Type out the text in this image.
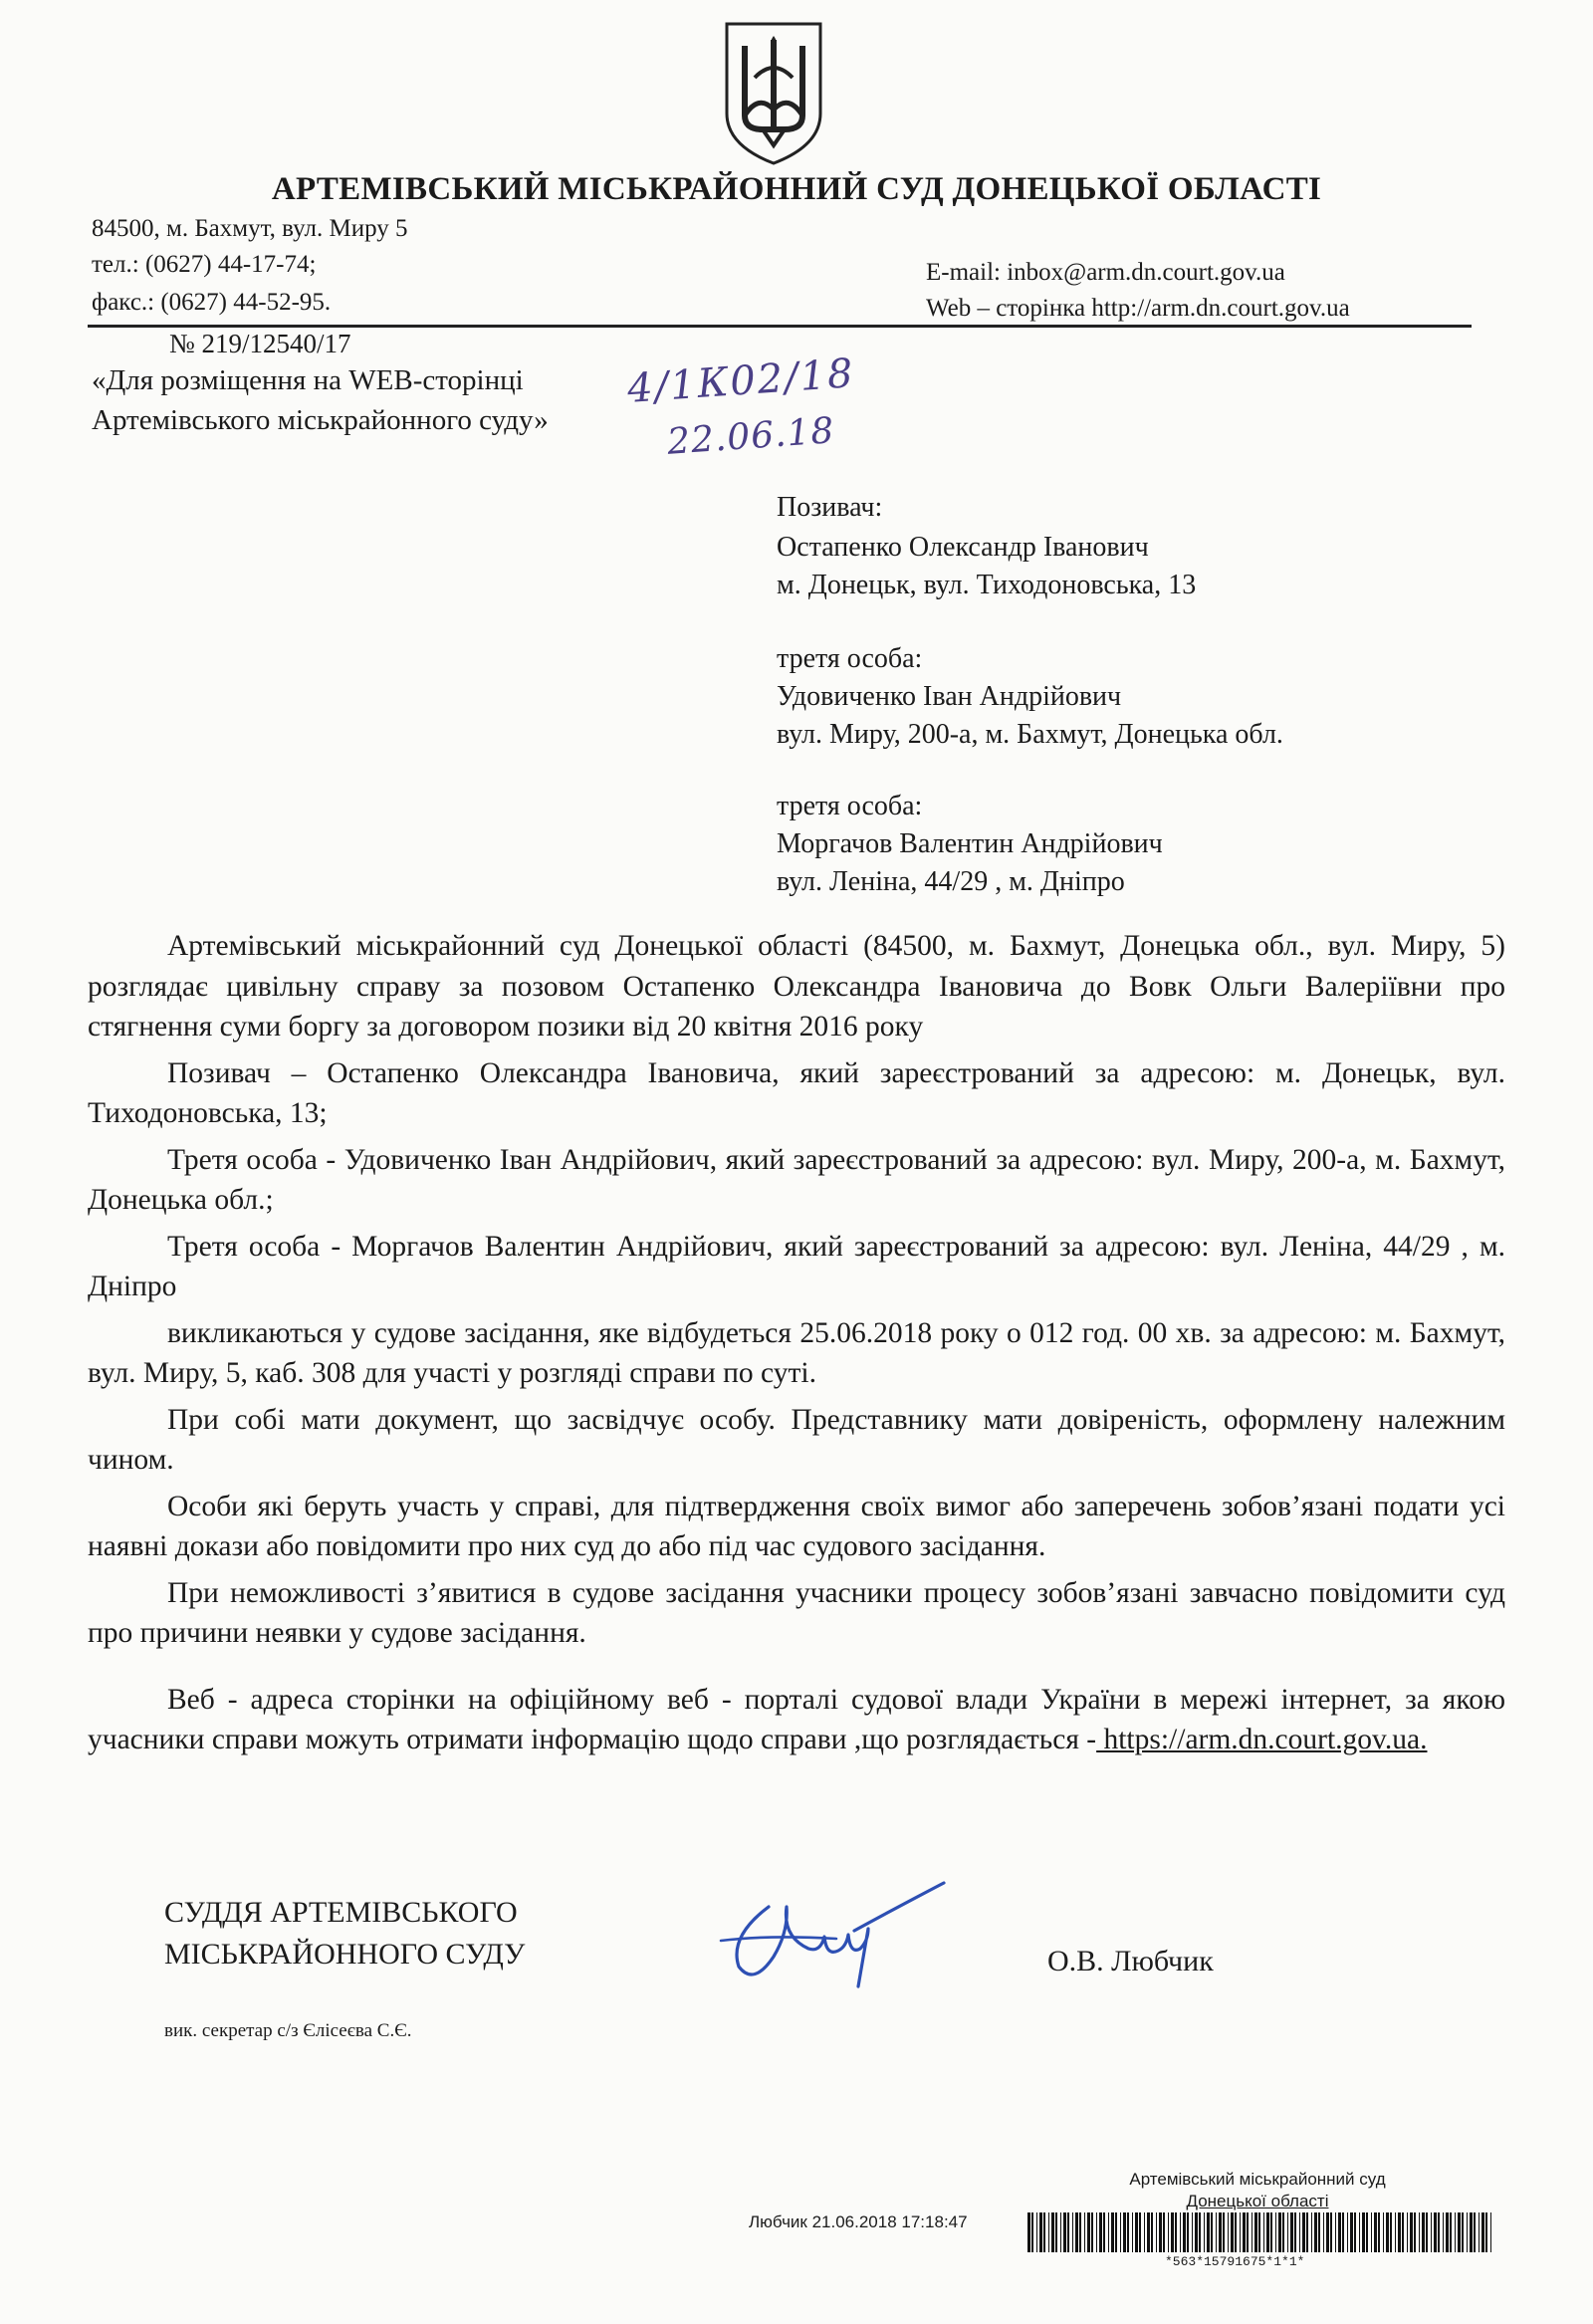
АРТЕМІВСЬКИЙ МІСЬКРАЙОННИЙ СУД ДОНЕЦЬКОЇ ОБЛАСТІ
84500, м. Бахмут, вул. Миру 5
тел.: (0627) 44-17-74;
факс.: (0627) 44-52-95.
E-mail: inbox@arm.dn.court.gov.ua
Web – сторінка http://arm.dn.court.gov.ua
№ 219/12540/17
«Для розміщення на WEB-сторінці
Артемівського міськрайонного суду»
4/1К02/18
22.06.18
Позивач:
Остапенко Олександр Іванович
м. Донецьк, вул. Тиходоновська, 13
третя особа:
Удовиченко Іван Андрійович
вул. Миру, 200-а, м. Бахмут, Донецька обл.
третя особа:
Моргачов Валентин Андрійович
вул. Леніна, 44/29 , м. Дніпро

Артемівський міськрайонний суд Донецької області (84500, м. Бахмут, Донецька обл., вул. Миру, 5) розглядає цивільну справу за позовом Остапенко Олександра Івановича до Вовк Ольги Валеріївни про стягнення суми боргу за договором позики від 20 квітня 2016 року

Позивач – Остапенко Олександра Івановича, який зареєстрований за адресою: м. Донецьк, вул. Тиходоновська, 13;

Третя особа - Удовиченко Іван Андрійович, який зареєстрований за адресою: вул. Миру, 200-а, м. Бахмут, Донецька обл.;

Третя особа - Моргачов Валентин Андрійович, який зареєстрований за адресою: вул. Леніна, 44/29 , м. Дніпро

викликаються у судове засідання, яке відбудеться 25.06.2018 року о 012 год. 00 хв. за адресою: м. Бахмут, вул. Миру, 5, каб. 308 для участі у розгляді справи по суті.

При собі мати документ, що засвідчує особу. Представнику мати довіреність, оформлену належним чином.

Особи які беруть участь у справі, для підтвердження своїх вимог або заперечень зобов’язані подати усі наявні докази або повідомити про них суд до або під час судового засідання.

При неможливості з’явитися в судове засідання учасники процесу зобов’язані завчасно повідомити суд про причини неявки у судове засідання.

Веб - адреса сторінки на офіційному веб - порталі судової влади України в мережі інтернет, за якою учасники справи можуть отримати інформацію щодо справи ,що розглядається - https://arm.dn.court.gov.ua.

СУДДЯ АРТЕМІВСЬКОГО
МІСЬКРАЙОННОГО СУДУ	О.В. Любчик
вик. секретар с/з Єлісеєва С.Є.
Артемівський міськрайонний суд
Донецької області
Любчик 21.06.2018 17:18:47
*563*15791675*1*1*
